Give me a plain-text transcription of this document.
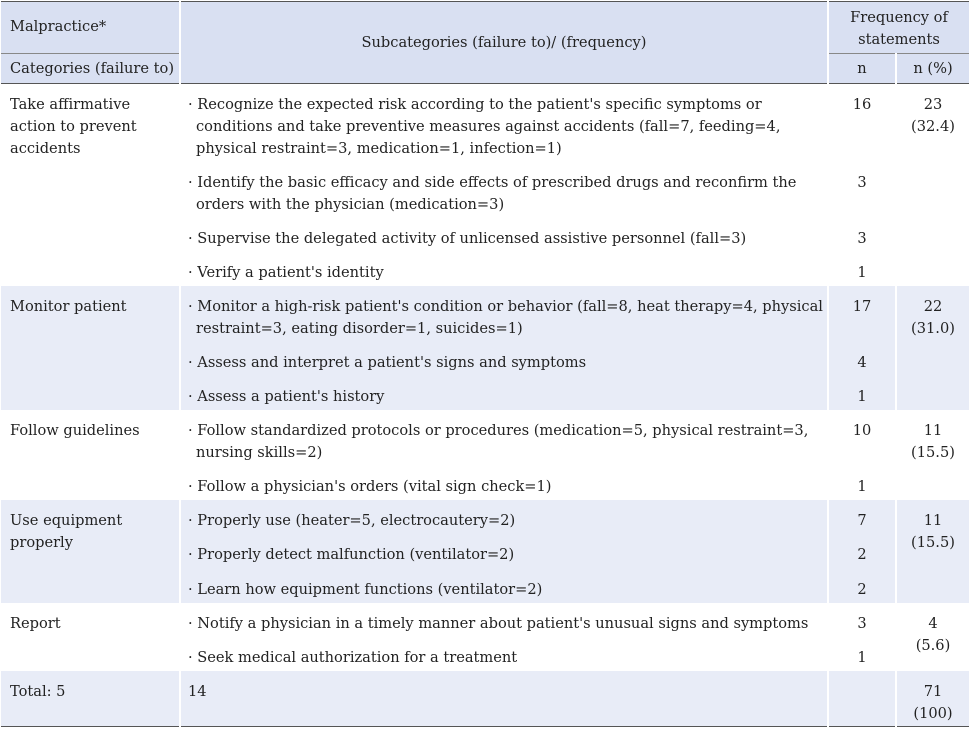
Malpractice*	Subcategories (failure to)/ (frequency)	Frequency of statements	

Categories (failure to)		n	n (%)
Take affirmative action to prevent accidents	· Recognize the expected risk according to the patient's specific symptoms or conditions and take preventive measures against accidents (fall=7, feeding=4, physical restraint=3, medication=1, infection=1)	16	23
(32.4)

	· Identify the basic efficacy and side effects of prescribed drugs and reconfirm the orders with the physician (medication=3)	3	

	· Supervise the delegated activity of unlicensed assistive personnel (fall=3)	3	

	· Verify a patient's identity	1	
Monitor patient	· Monitor a high-risk patient's condition or behavior (fall=8, heat therapy=4, physical restraint=3, eating disorder=1, suicides=1)	17	22
(31.0)

	· Assess and interpret a patient's signs and symptoms	4	

	· Assess a patient's history	1	
Follow guidelines	· Follow standardized protocols or procedures (medication=5, physical restraint=3, nursing skills=2)	10	11
(15.5)

	· Follow a physician's orders (vital sign check=1)	1	
Use equipment properly	· Properly use (heater=5, electrocautery=2)	7	11
(15.5)

	· Properly detect malfunction (ventilator=2)	2	

	· Learn how equipment functions (ventilator=2)	2	
Report	· Notify a physician in a timely manner about patient's unusual signs and symptoms	3	4
(5.6)

	· Seek medical authorization for a treatment	1	
Total: 5	14		71
(100)
